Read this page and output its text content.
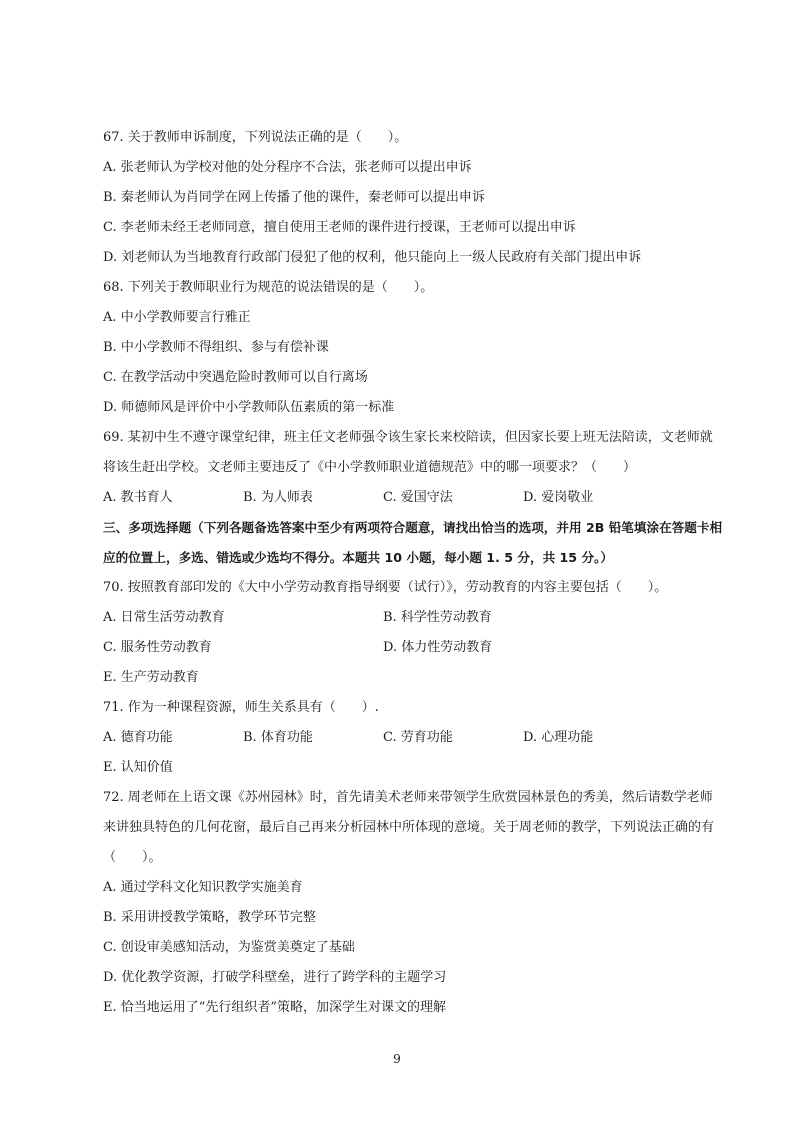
67. 关于教师申诉制度，下列说法正确的是（　　）。
A. 张老师认为学校对他的处分程序不合法，张老师可以提出申诉
B. 秦老师认为肖同学在网上传播了他的课件，秦老师可以提出申诉
C. 李老师未经王老师同意，擅自使用王老师的课件进行授课，王老师可以提出申诉
D. 刘老师认为当地教育行政部门侵犯了他的权利，他只能向上一级人民政府有关部门提出申诉
68. 下列关于教师职业行为规范的说法错误的是（　　）。
A. 中小学教师要言行雅正
B. 中小学教师不得组织、参与有偿补课
C. 在教学活动中突遇危险时教师可以自行离场
D. 师德师风是评价中小学教师队伍素质的第一标准
69. 某初中生不遵守课堂纪律，班主任文老师强令该生家长来校陪读，但因家长要上班无法陪读，文老师就将该生赶出学校。文老师主要违反了《中小学教师职业道德规范》中的哪一项要求？（　　）
A. 教书育人	B. 为人师表	C. 爱国守法	D. 爱岗敬业
三、多项选择题（下列各题备选答案中至少有两项符合题意，请找出恰当的选项，并用 2B 铅笔填涂在答题卡相应的位置上，多选、错选或少选均不得分。本题共 10 小题，每小题 1. 5 分，共 15 分。）
70. 按照教育部印发的《大中小学劳动教育指导纲要（试行）》，劳动教育的内容主要包括（　　）。
A. 日常生活劳动教育	B. 科学性劳动教育
C. 服务性劳动教育	D. 体力性劳动教育
E. 生产劳动教育
71. 作为一种课程资源，师生关系具有（　　）.
A. 德育功能	B. 体育功能	C. 劳育功能	D. 心理功能
E. 认知价值
72. 周老师在上语文课《苏州园林》时，首先请美术老师来带领学生欣赏园林景色的秀美，然后请数学老师来讲独具特色的几何花窗，最后自己再来分析园林中所体现的意境。关于周老师的教学，下列说法正确的有（　　）。
A. 通过学科文化知识教学实施美育
B. 采用讲授教学策略，教学环节完整
C. 创设审美感知活动，为鉴赏美奠定了基础
D. 优化教学资源，打破学科壁垒，进行了跨学科的主题学习
E. 恰当地运用了“先行组织者”策略，加深学生对课文的理解
9
